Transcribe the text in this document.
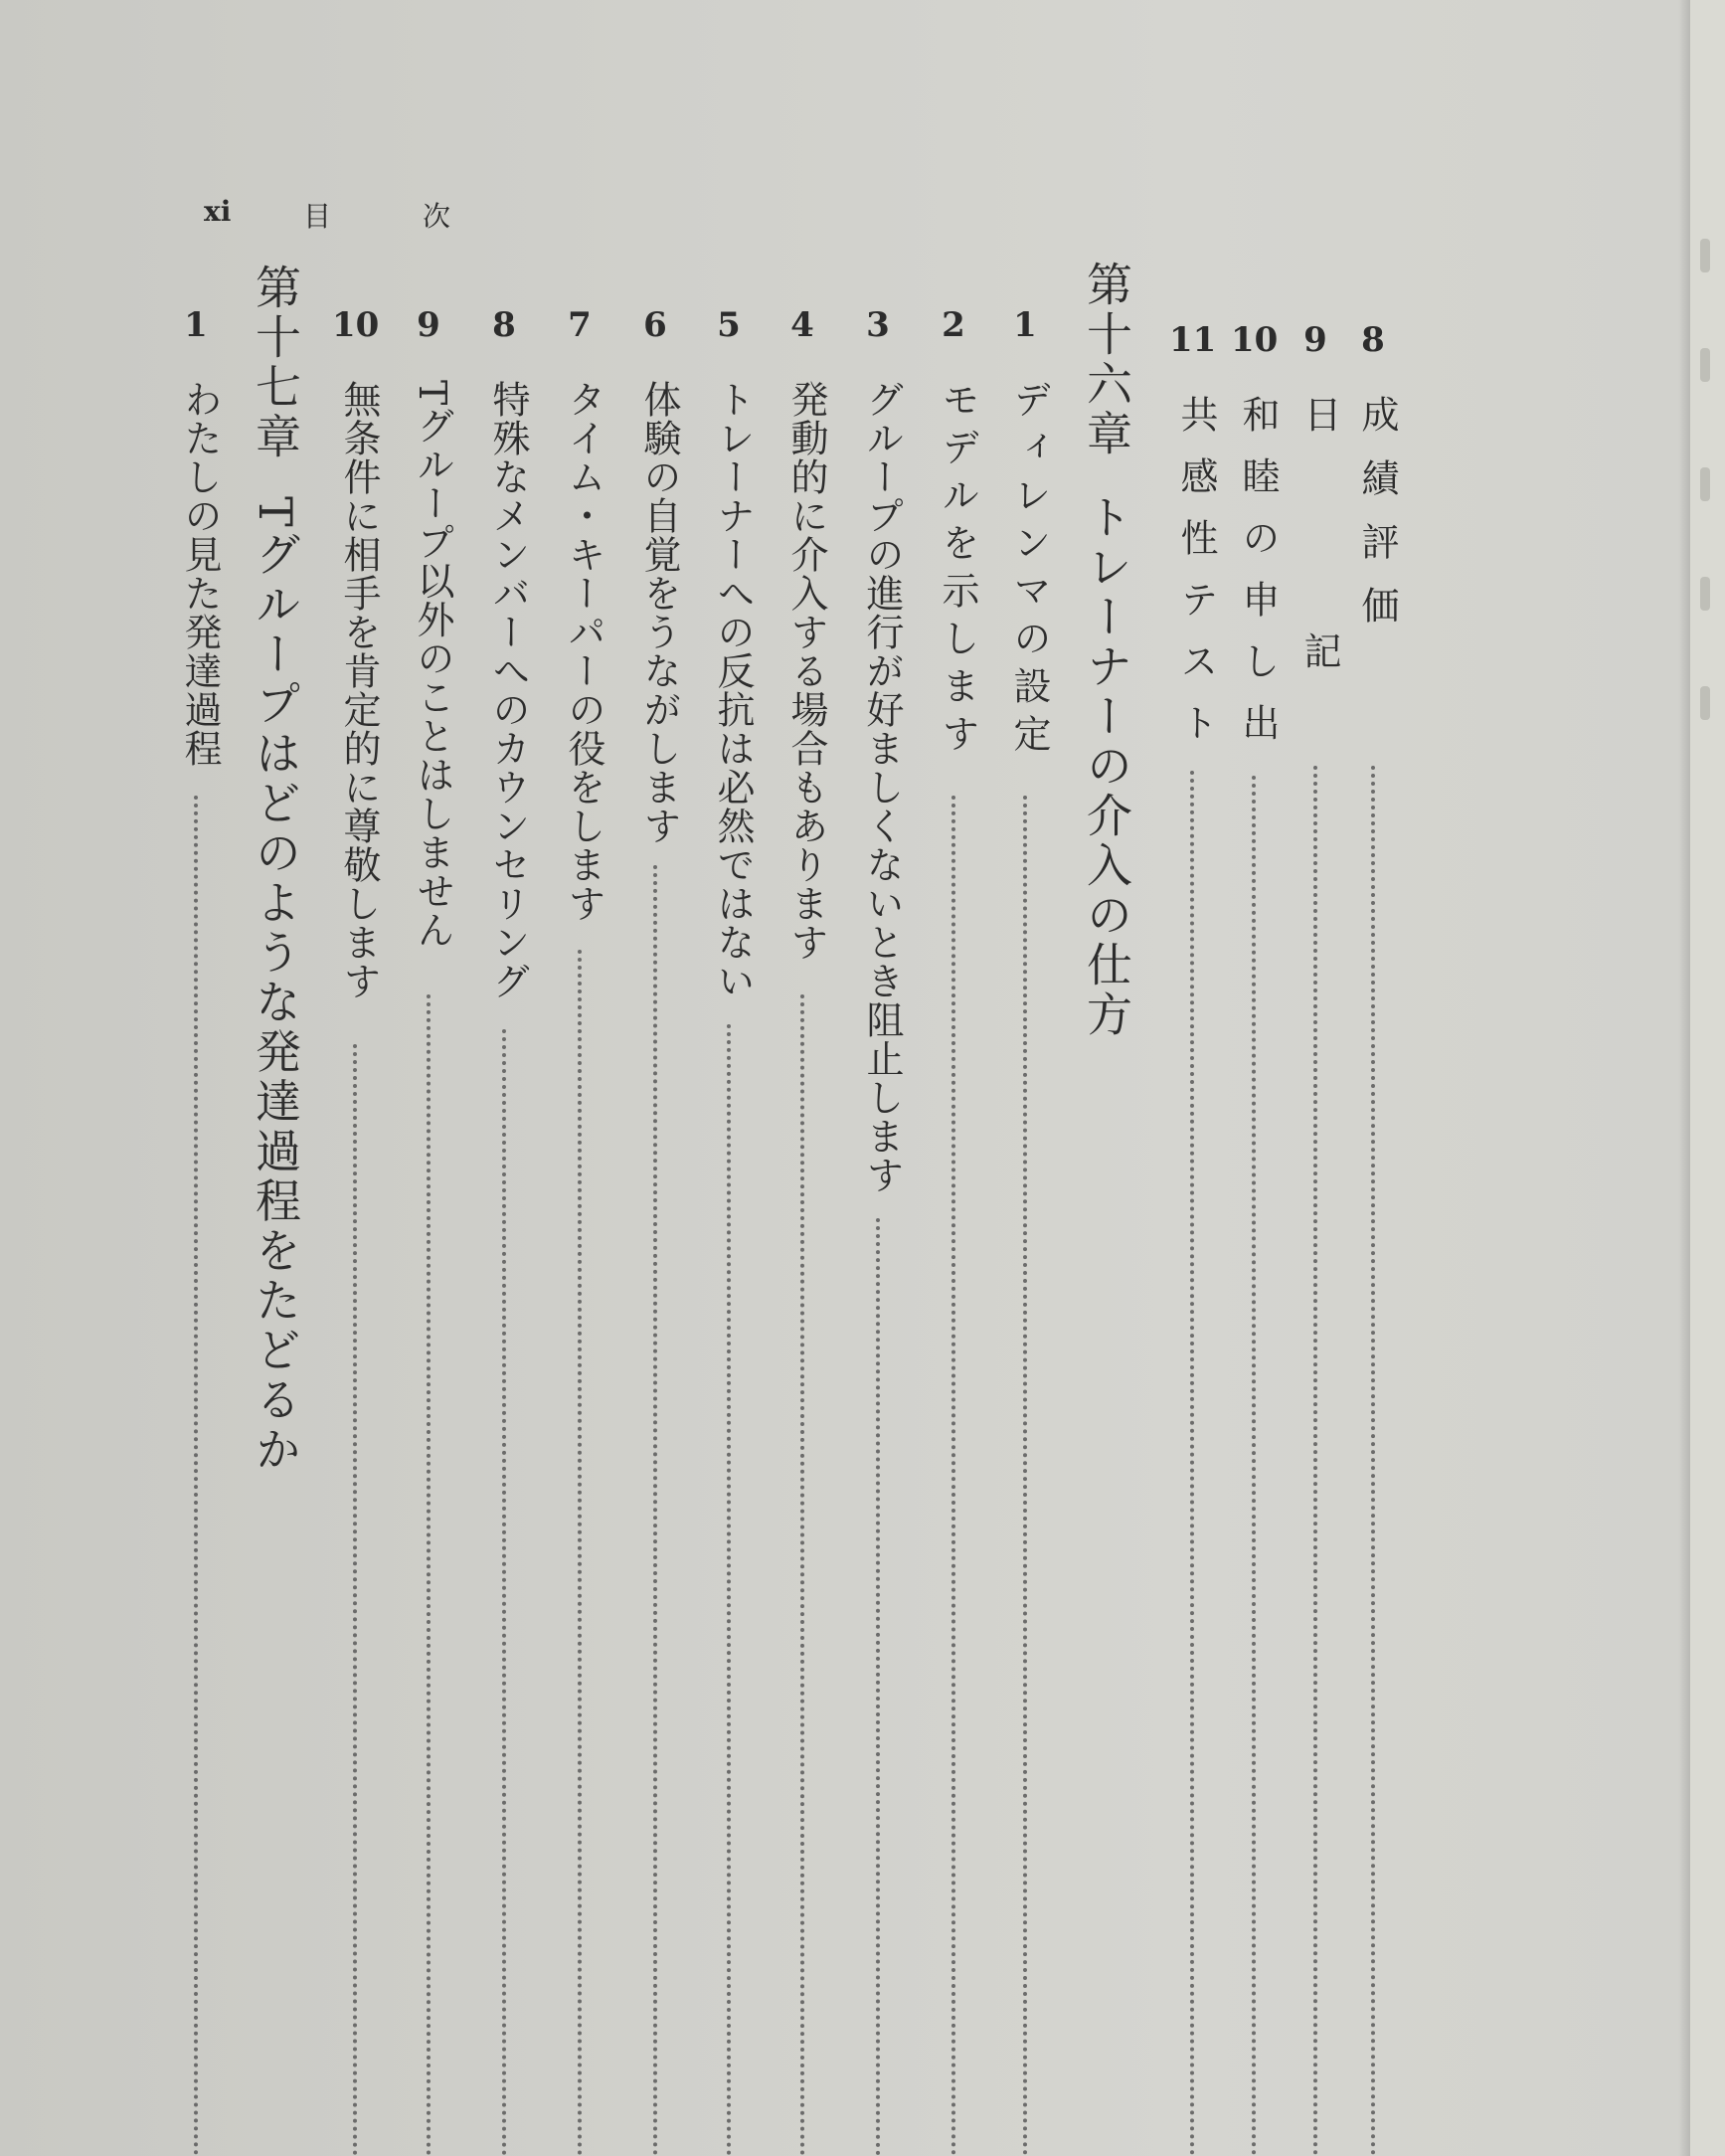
xi	目	次
8
成績評価
9
日記
10
和睦の申し出
11
共感性テスト
第十六章トレーナーの介入の仕方
1
ディレンマの設定
2
モデルを示します
3
グループの進行が好ましくないとき阻止します
4
発動的に介入する場合もあります
5
トレーナーへの反抗は必然ではない
6
体験の自覚をうながします
7
タイム・キーパーの役をします
8
特殊なメンバーへのカウンセリング
9
Tグループ以外のことはしません
10
無条件に相手を肯定的に尊敬します
第十七章Tグループはどのような発達過程をたどるか
1
わたしの見た発達過程
